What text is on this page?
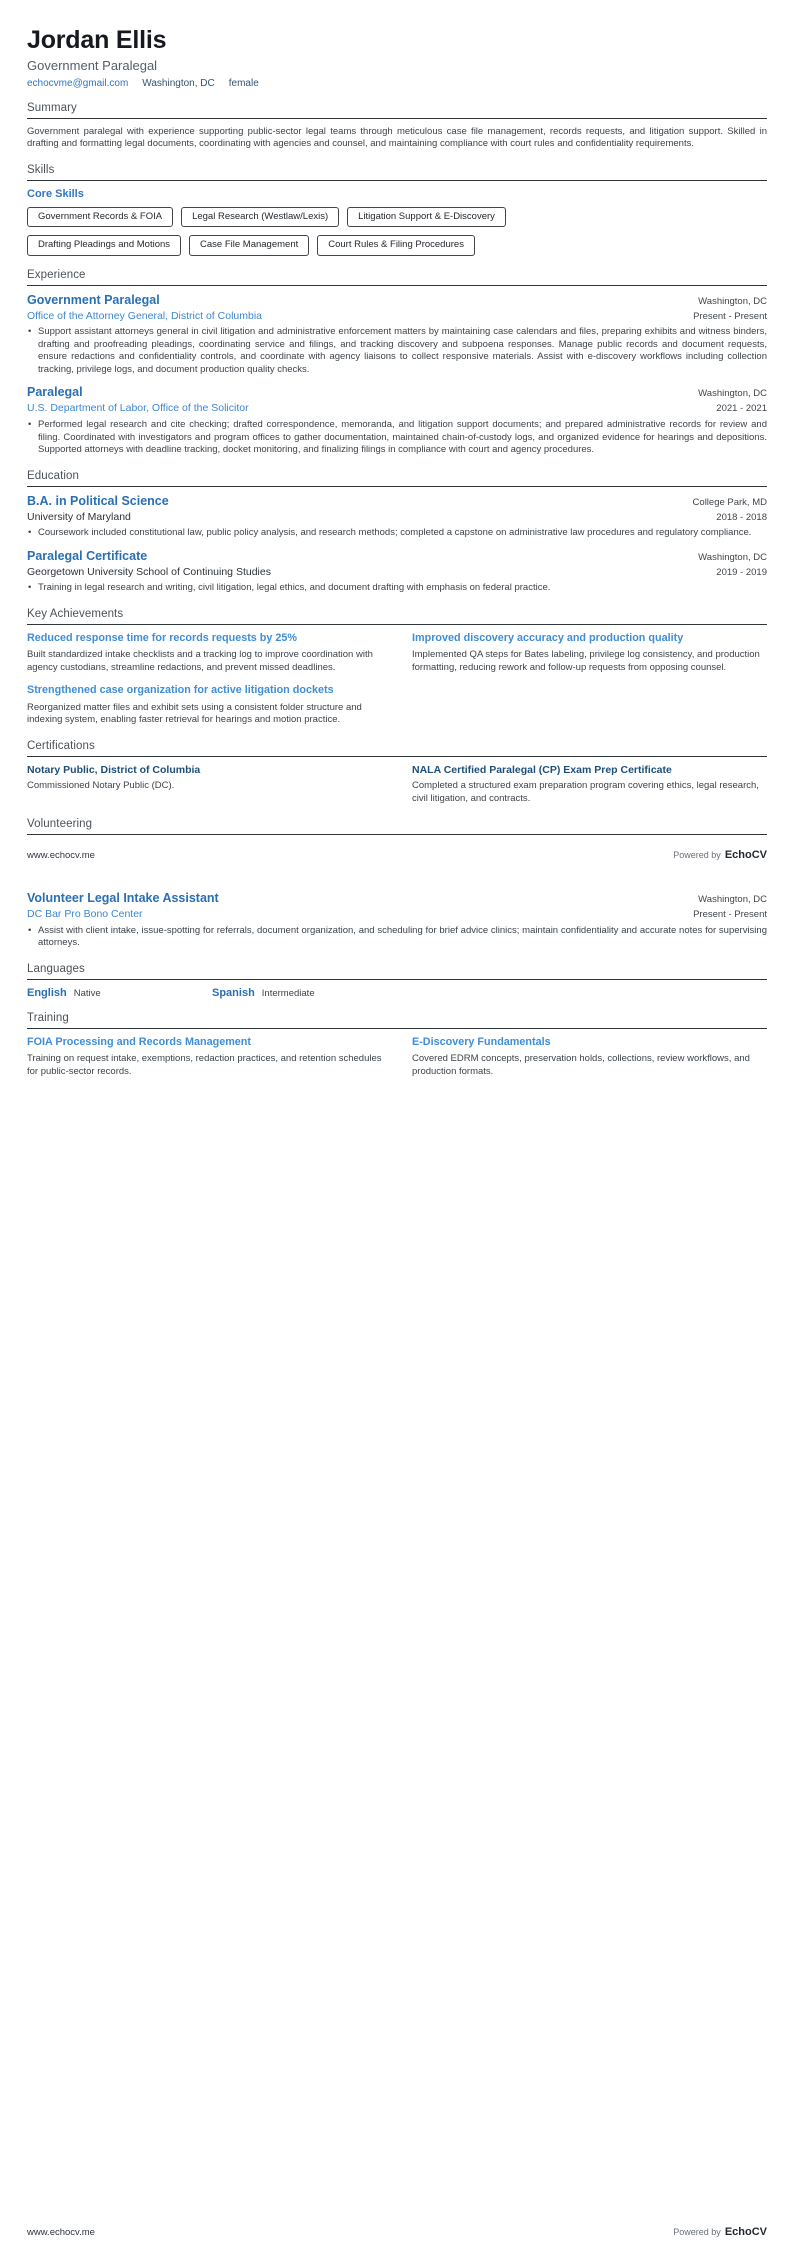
Jordan Ellis
Government Paralegal
echocvme@gmail.com Washington, DC female
Summary

Government paralegal with experience supporting public-sector legal teams through meticulous case file management, records requests, and litigation support. Skilled in drafting and formatting legal documents, coordinating with agencies and counsel, and maintaining compliance with court rules and confidentiality requirements.

Skills
Core Skills
Government Records & FOIA	Legal Research (Westlaw/Lexis)	Litigation Support & E-Discovery
Drafting Pleadings and Motions	Case File Management	Court Rules & Filing Procedures
Experience
Government Paralegal	Washington, DC
Office of the Attorney General, District of Columbia	Present - Present
• Support assistant attorneys general in civil litigation and administrative enforcement matters by maintaining case calendars and files, preparing exhibits and witness binders, drafting and proofreading pleadings, coordinating service and filings, and tracking discovery and subpoena responses. Manage public records and document requests, ensure redactions and confidentiality controls, and coordinate with agency liaisons to collect responsive materials. Assist with e-discovery workflows including collection tracking, privilege logs, and document production quality checks.
Paralegal	Washington, DC
U.S. Department of Labor, Office of the Solicitor	2021 - 2021
• Performed legal research and cite checking; drafted correspondence, memoranda, and litigation support documents; and prepared administrative records for review and filing. Coordinated with investigators and program offices to gather documentation, maintained chain-of-custody logs, and organized evidence for hearings and depositions. Supported attorneys with deadline tracking, docket monitoring, and finalizing filings in compliance with court and agency procedures.
Education
B.A. in Political Science	College Park, MD
University of Maryland	2018 - 2018
• Coursework included constitutional law, public policy analysis, and research methods; completed a capstone on administrative law procedures and regulatory compliance.
Paralegal Certificate	Washington, DC
Georgetown University School of Continuing Studies	2019 - 2019
• Training in legal research and writing, civil litigation, legal ethics, and document drafting with emphasis on federal practice.
Key Achievements
Reduced response time for records requests by 25%

Built standardized intake checklists and a tracking log to improve coordination with agency custodians, streamline redactions, and prevent missed deadlines.

Improved discovery accuracy and production quality

Implemented QA steps for Bates labeling, privilege log consistency, and production formatting, reducing rework and follow-up requests from opposing counsel.

Strengthened case organization for active litigation dockets

Reorganized matter files and exhibit sets using a consistent folder structure and indexing system, enabling faster retrieval for hearings and motion practice.

Certifications
Notary Public, District of Columbia

Commissioned Notary Public (DC).

NALA Certified Paralegal (CP) Exam Prep Certificate

Completed a structured exam preparation program covering ethics, legal research, civil litigation, and contracts.

Volunteering
www.echocv.me	Powered by EchoCV
Volunteer Legal Intake Assistant	Washington, DC
DC Bar Pro Bono Center	Present - Present
• Assist with client intake, issue-spotting for referrals, document organization, and scheduling for brief advice clinics; maintain confidentiality and accurate notes for supervising attorneys.
Languages
English Native	Spanish Intermediate
Training
FOIA Processing and Records Management

Training on request intake, exemptions, redaction practices, and retention schedules for public-sector records.

E-Discovery Fundamentals

Covered EDRM concepts, preservation holds, collections, review workflows, and production formats.

www.echocv.me	Powered by EchoCV
